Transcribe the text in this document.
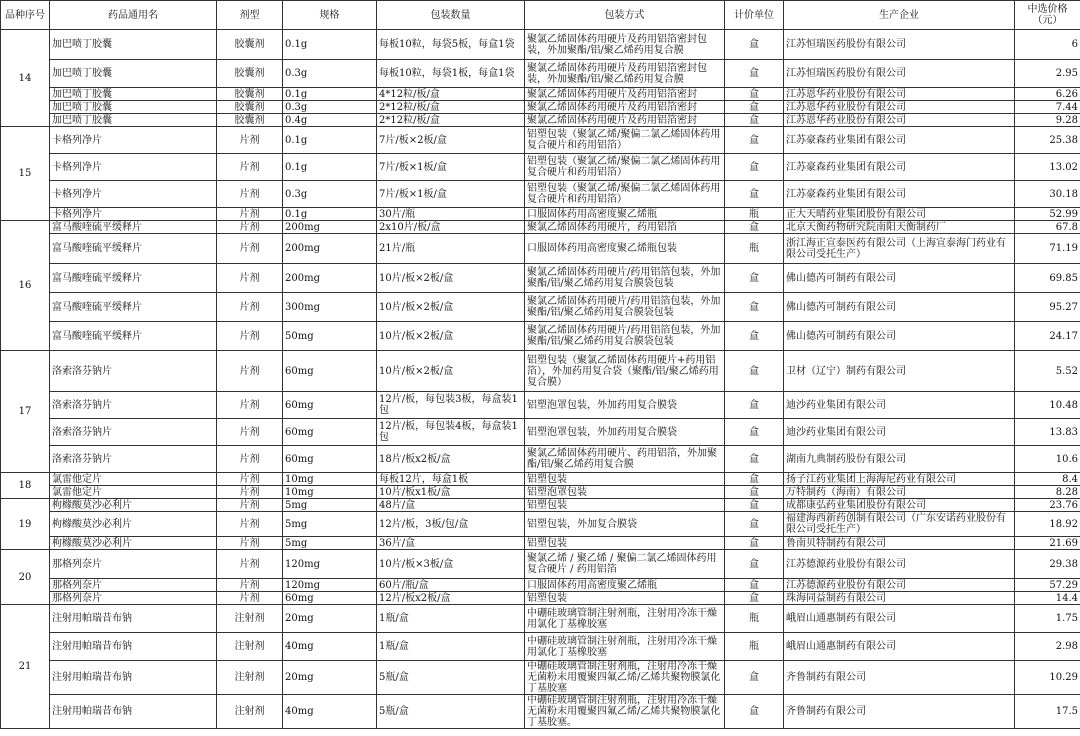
品种序号	药品通用名	剂型	规格	包装数量	包装方式	计价单位	生产企业	中选价格（元）
14	加巴喷丁胶囊	胶囊剂	0.1g	每板10粒，每袋5板，每盒1袋	聚氯乙烯固体药用硬片及药用铝箔密封包装，外加聚酯/铝/聚乙烯药用复合膜	盒	江苏恒瑞医药股份有限公司	6
	加巴喷丁胶囊	胶囊剂	0.3g	每板10粒，每袋1板，每盒1袋	聚氯乙烯固体药用硬片及药用铝箔密封包装，外加聚酯/铝/聚乙烯药用复合膜	盒	江苏恒瑞医药股份有限公司	2.95
	加巴喷丁胶囊	胶囊剂	0.1g	4*12粒/板/盒	聚氯乙烯固体药用硬片及药用铝箔密封	盒	江苏恩华药业股份有限公司	6.26
	加巴喷丁胶囊	胶囊剂	0.3g	2*12粒/板/盒	聚氯乙烯固体药用硬片及药用铝箔密封	盒	江苏恩华药业股份有限公司	7.44
	加巴喷丁胶囊	胶囊剂	0.4g	2*12粒/板/盒	聚氯乙烯固体药用硬片及药用铝箔密封	盒	江苏恩华药业股份有限公司	9.28
15	卡格列净片	片剂	0.1g	7片/板×2板/盒	铝塑包装（聚氯乙烯/聚偏二氯乙烯固体药用复合硬片和药用铝箔）	盒	江苏豪森药业集团有限公司	25.38
	卡格列净片	片剂	0.1g	7片/板×1板/盒	铝塑包装（聚氯乙烯/聚偏二氯乙烯固体药用复合硬片和药用铝箔）	盒	江苏豪森药业集团有限公司	13.02
	卡格列净片	片剂	0.3g	7片/板×1板/盒	铝塑包装（聚氯乙烯/聚偏二氯乙烯固体药用复合硬片和药用铝箔）	盒	江苏豪森药业集团有限公司	30.18
	卡格列净片	片剂	0.1g	30片/瓶	口服固体药用高密度聚乙烯瓶	瓶	正大天晴药业集团股份有限公司	52.99
16	富马酸喹硫平缓释片	片剂	200mg	2x10片/板/盒	聚氯乙烯固体药用硬片，药用铝箔	盒	北京天衡药物研究院南阳天衡制药厂	67.8
	富马酸喹硫平缓释片	片剂	200mg	21片/瓶	口服固体药用高密度聚乙烯瓶包装	瓶	浙江海正宣泰医药有限公司（上海宣泰海门药业有限公司受托生产）	71.19
	富马酸喹硫平缓释片	片剂	200mg	10片/板×2板/盒	聚氯乙烯固体药用硬片/药用铝箔包装，外加聚酯/铝/聚乙烯药用复合膜袋包装	盒	佛山德芮可制药有限公司	69.85
	富马酸喹硫平缓释片	片剂	300mg	10片/板×2板/盒	聚氯乙烯固体药用硬片/药用铝箔包装，外加聚酯/铝/聚乙烯药用复合膜袋包装	盒	佛山德芮可制药有限公司	95.27
	富马酸喹硫平缓释片	片剂	50mg	10片/板×2板/盒	聚氯乙烯固体药用硬片/药用铝箔包装，外加聚酯/铝/聚乙烯药用复合膜袋包装	盒	佛山德芮可制药有限公司	24.17
17	洛索洛芬钠片	片剂	60mg	10片/板×2板/盒	铝塑包装（聚氯乙烯固体药用硬片+药用铝箔），外加药用复合袋（聚酯/铝/聚乙烯药用复合膜）	盒	卫材（辽宁）制药有限公司	5.52
	洛索洛芬钠片	片剂	60mg	12片/板，每包装3板，每盒装1包	铝塑泡罩包装，外加药用复合膜袋	盒	迪沙药业集团有限公司	10.48
	洛索洛芬钠片	片剂	60mg	12片/板，每包装4板，每盒装1包	铝塑泡罩包装，外加药用复合膜袋	盒	迪沙药业集团有限公司	13.83
	洛索洛芬钠片	片剂	60mg	18片/板x2板/盒	聚氯乙烯固体药用硬片、药用铝箔，外加聚酯/铝/聚乙烯药用复合膜	盒	湖南九典制药股份有限公司	10.6
18	氯雷他定片	片剂	10mg	每板12片，每盒1板	铝塑包装	盒	扬子江药业集团上海海尼药业有限公司	8.4
	氯雷他定片	片剂	10mg	10片/板x1板/盒	铝塑泡罩包装	盒	万特制药（海南）有限公司	8.28
19	枸橼酸莫沙必利片	片剂	5mg	48片/盒	铝塑包装	盒	成都康弘药业集团股份有限公司	23.76
	枸橼酸莫沙必利片	片剂	5mg	12片/板，3板/包/盒	铝塑包装，外加复合膜袋	盒	福建海西新药创制有限公司（广东安诺药业股份有限公司受托生产）	18.92
	枸橼酸莫沙必利片	片剂	5mg	36片/盒	铝塑包装	盒	鲁南贝特制药有限公司	21.69
20	那格列奈片	片剂	120mg	10片/板×3板/盒	聚氯乙烯 / 聚乙烯 / 聚偏二氯乙烯固体药用复合硬片 / 药用铝箔	盒	江苏德源药业股份有限公司	29.38
	那格列奈片	片剂	120mg	60片/瓶/盒	口服固体药用高密度聚乙烯瓶	盒	江苏德源药业股份有限公司	57.29
	那格列奈片	片剂	60mg	12片/板x2板/盒	铝塑包装	盒	珠海同益制药有限公司	14.4
21	注射用帕瑞昔布钠	注射剂	20mg	1瓶/盒	中硼硅玻璃管制注射剂瓶，注射用冷冻干燥用氯化丁基橡胶塞	瓶	峨眉山通惠制药有限公司	1.75
	注射用帕瑞昔布钠	注射剂	40mg	1瓶/盒	中硼硅玻璃管制注射剂瓶，注射用冷冻干燥用氯化丁基橡胶塞	瓶	峨眉山通惠制药有限公司	2.98
	注射用帕瑞昔布钠	注射剂	20mg	5瓶/盒	中硼硅玻璃管制注射剂瓶，注射用冷冻干燥无菌粉末用覆聚四氟乙烯/乙烯共聚物膜氯化丁基胶塞	盒	齐鲁制药有限公司	10.29
	注射用帕瑞昔布钠	注射剂	40mg	5瓶/盒	中硼硅玻璃管制注射剂瓶，注射用冷冻干燥无菌粉末用覆聚四氟乙烯/乙烯共聚物膜氯化丁基胶塞。	盒	齐鲁制药有限公司	17.5
